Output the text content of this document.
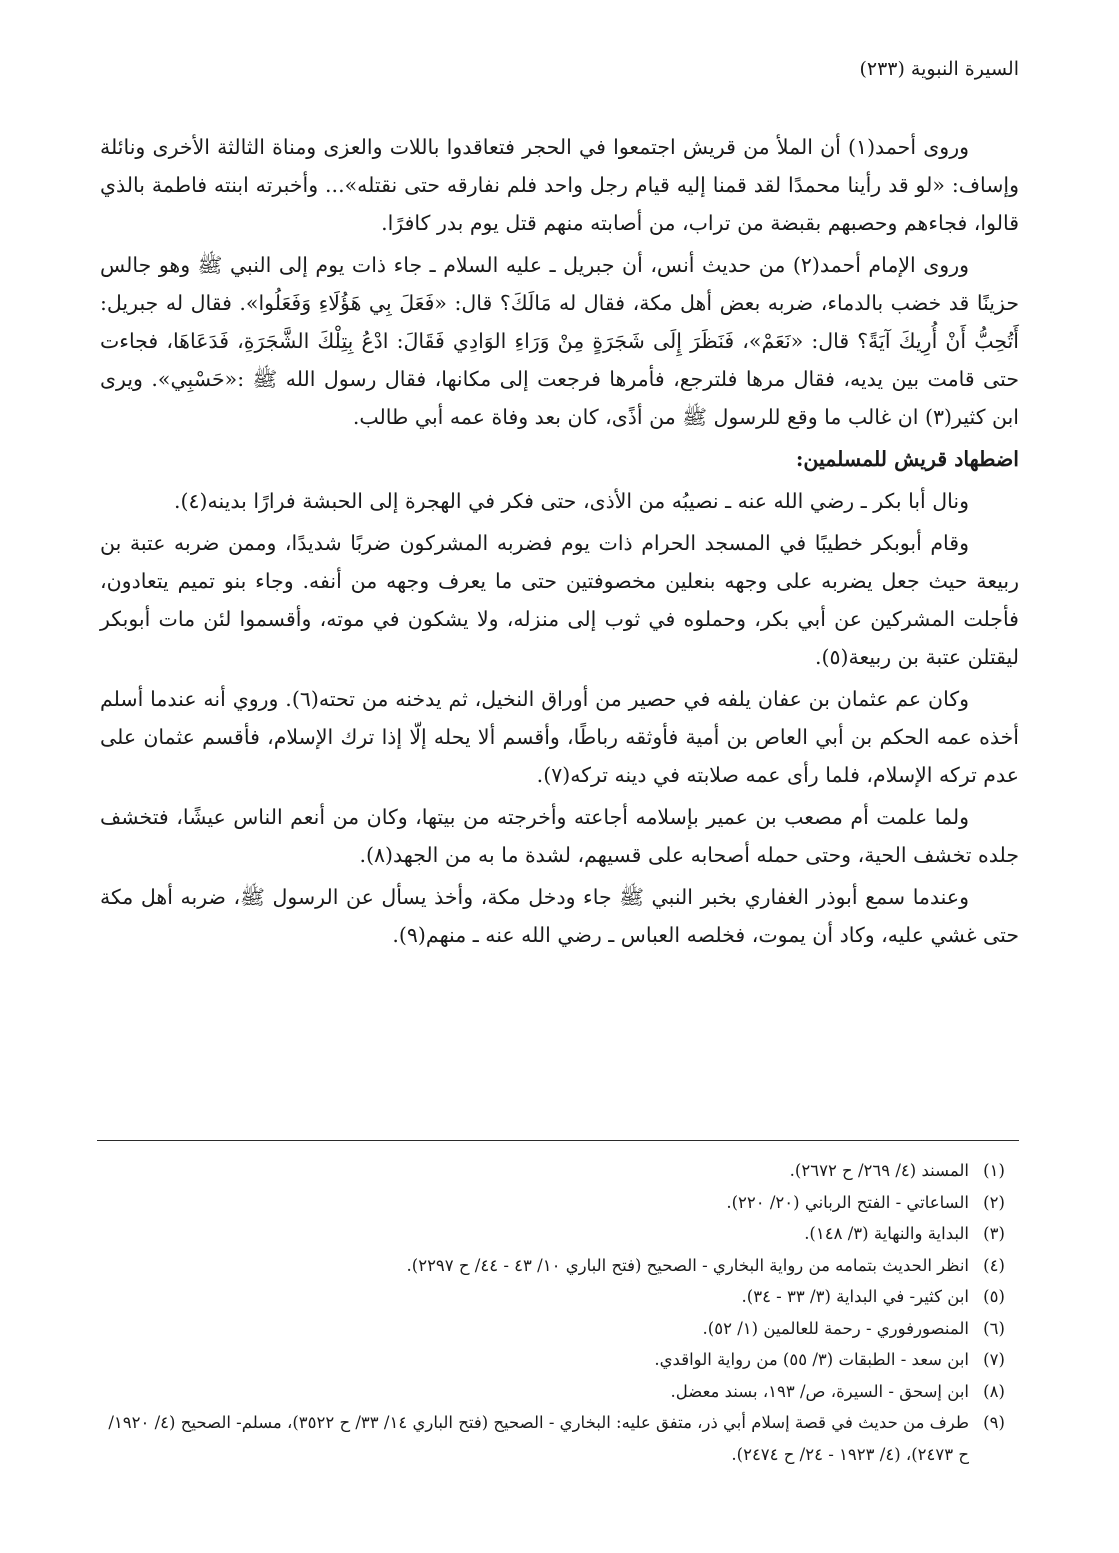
السيرة النبوية (٢٣٣)

وروى أحمد(١) أن الملأ من قريش اجتمعوا في الحجر فتعاقدوا باللات والعزى ومناة الثالثة الأخرى ونائلة وإساف: «لو قد رأينا محمدًا لقد قمنا إليه قيام رجل واحد فلم نفارقه حتى نقتله»... وأخبرته ابنته فاطمة بالذي قالوا، فجاءهم وحصبهم بقبضة من تراب، من أصابته منهم قتل يوم بدر كافرًا.

وروى الإمام أحمد(٢) من حديث أنس، أن جبريل ـ عليه السلام ـ جاء ذات يوم إلى النبي ﷺ وهو جالس حزينًا قد خضب بالدماء، ضربه بعض أهل مكة، فقال له مَالَكَ؟ قال: «فَعَلَ بِي هَؤُلَاءِ وَفَعَلُوا». فقال له جبريل: أَتُحِبُّ أَنْ أُرِيكَ آيَةً؟ قال: «نَعَمْ»، فَنَظَرَ إِلَى شَجَرَةٍ مِنْ وَرَاءِ الوَادِي فَقَالَ: ادْعُ بِتِلْكَ الشَّجَرَةِ، فَدَعَاهَا، فجاءت حتى قامت بين يديه، فقال مرها فلترجع، فأمرها فرجعت إلى مكانها، فقال رسول الله ﷺ :«حَسْبِي». ويرى ابن كثير(٣) ان غالب ما وقع للرسول ﷺ من أذًى، كان بعد وفاة عمه أبي طالب.

اضطهاد قريش للمسلمين:

ونال أبا بكر ـ رضي الله عنه ـ نصيبُه من الأذى، حتى فكر في الهجرة إلى الحبشة فرارًا بدينه(٤).

وقام أبوبكر خطيبًا في المسجد الحرام ذات يوم فضربه المشركون ضربًا شديدًا، وممن ضربه عتبة بن ربيعة حيث جعل يضربه على وجهه بنعلين مخصوفتين حتى ما يعرف وجهه من أنفه. وجاء بنو تميم يتعادون، فأجلت المشركين عن أبي بكر، وحملوه في ثوب إلى منزله، ولا يشكون في موته، وأقسموا لئن مات أبوبكر ليقتلن عتبة بن ربيعة(٥).

وكان عم عثمان بن عفان يلفه في حصير من أوراق النخيل، ثم يدخنه من تحته(٦). وروي أنه عندما أسلم أخذه عمه الحكم بن أبي العاص بن أمية فأوثقه رباطًا، وأقسم ألا يحله إلّا إذا ترك الإسلام، فأقسم عثمان على عدم تركه الإسلام، فلما رأى عمه صلابته في دينه تركه(٧).

ولما علمت أم مصعب بن عمير بإسلامه أجاعته وأخرجته من بيتها، وكان من أنعم الناس عيشًا، فتخشف جلده تخشف الحية، وحتى حمله أصحابه على قسيهم، لشدة ما به من الجهد(٨).

وعندما سمع أبوذر الغفاري بخبر النبي ﷺ جاء ودخل مكة، وأخذ يسأل عن الرسول ﷺ، ضربه أهل مكة حتى غشي عليه، وكاد أن يموت، فخلصه العباس ـ رضي الله عنه ـ منهم(٩).

(١)
المسند (٤/ ٢٦٩/ ح ٢٦٧٢).
(٢)
الساعاتي - الفتح الرباني (٢٠/ ٢٢٠).
(٣)
البداية والنهاية (٣/ ١٤٨).
(٤)
انظر الحديث بتمامه من رواية البخاري - الصحيح (فتح الباري ١٠/ ٤٣ - ٤٤/ ح ٢٢٩٧).
(٥)
ابن كثير- في البداية (٣/ ٣٣ - ٣٤).
(٦)
المنصورفوري - رحمة للعالمين (١/ ٥٢).
(٧)
ابن سعد - الطبقات (٣/ ٥٥) من رواية الواقدي.
(٨)
ابن إسحق - السيرة، ص/ ١٩٣، بسند معضل.
(٩)
طرف من حديث في قصة إسلام أبي ذر، متفق عليه: البخاري - الصحيح (فتح الباري ١٤/ ٣٣/ ح ٣٥٢٢)، مسلم- الصحيح (٤/ ١٩٢٠/ ح ٢٤٧٣)، (٤/ ١٩٢٣ - ٢٤/ ح ٢٤٧٤).
